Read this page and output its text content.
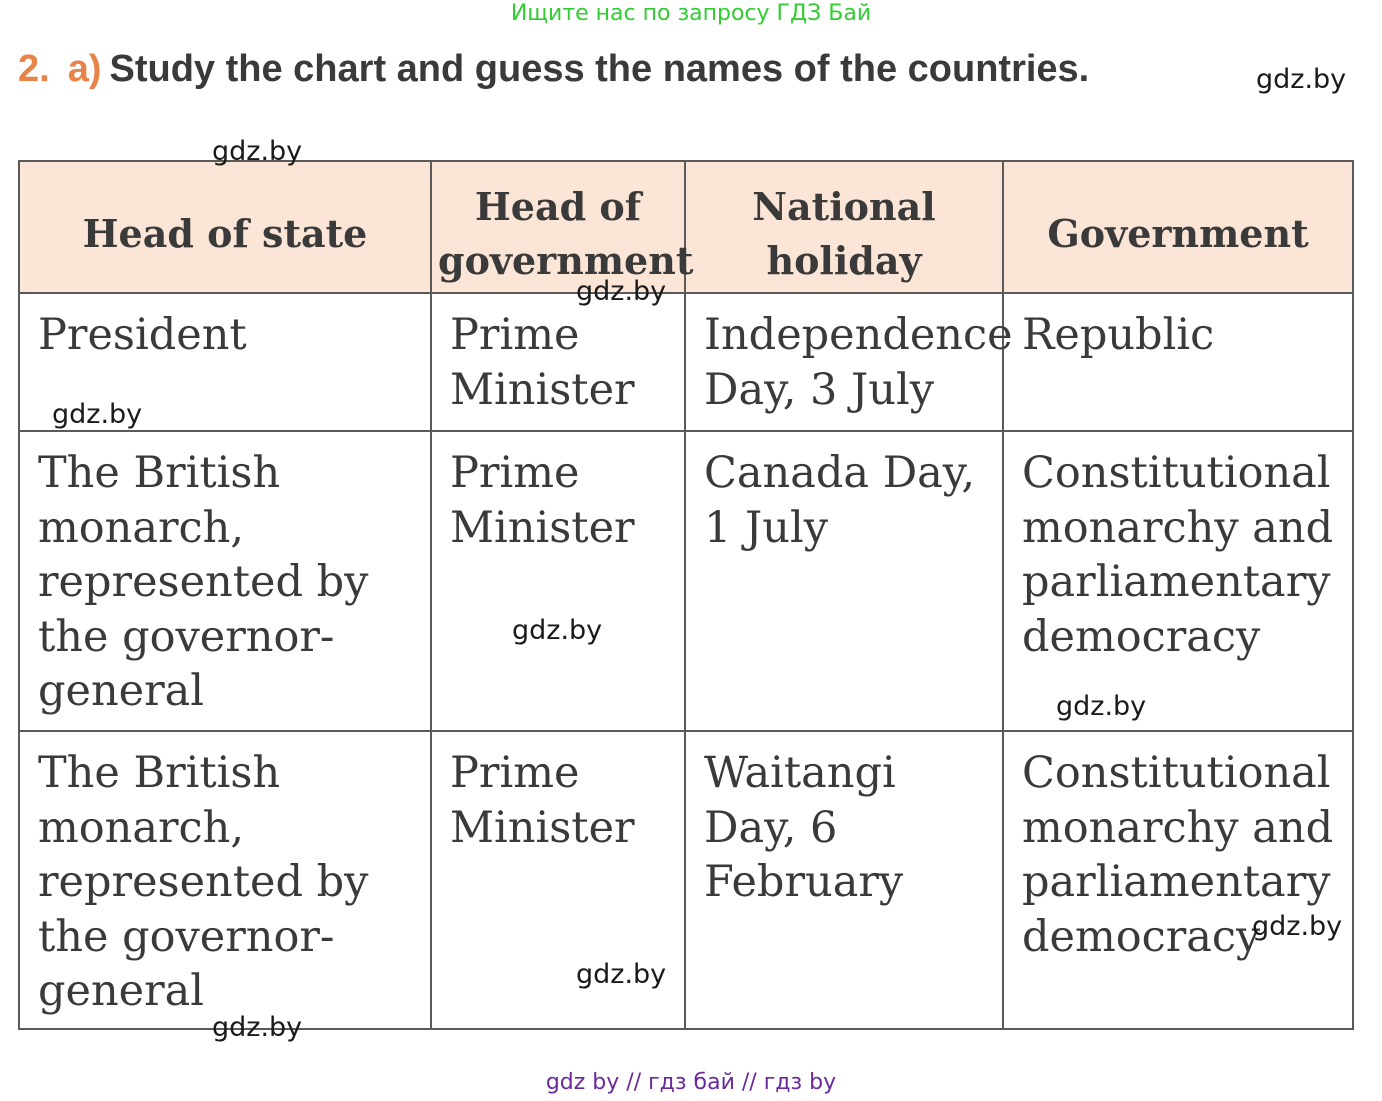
Ищите нас по запросу ГДЗ Бай
2. a) Study the chart and guess the names of the countries.
Head of state	Head of government	National holiday	Government
President	Prime Minister	Independence Day, 3 July	Republic
The British monarch, represented by the governor-general	Prime Minister	Canada Day, 1 July	Constitutional monarchy and parliamentary democracy
The British monarch, represented by the governor-general	Prime Minister	Waitangi Day, 6 February	Constitutional monarchy and parliamentary democracy
gdz.by
gdz.by
gdz.by
gdz.by
gdz.by
gdz.by
gdz.by
gdz.by
gdz.by
gdz by // гдз бай // гдз by
